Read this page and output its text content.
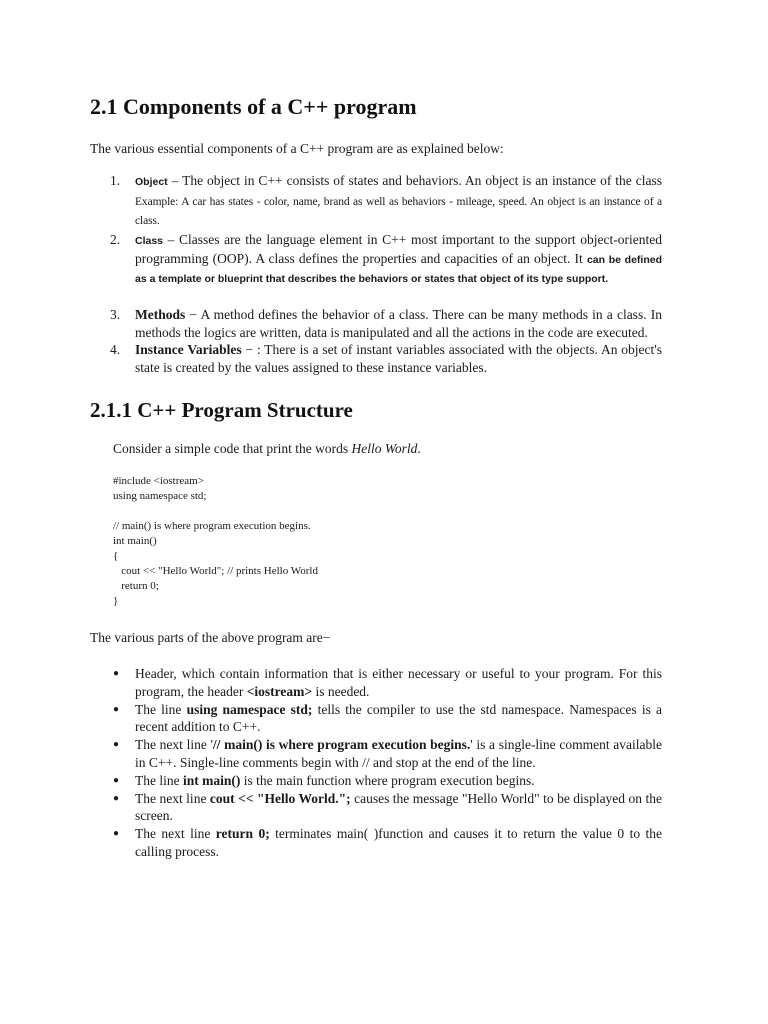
2.1 Components of a C++ program

The various essential components of a C++ program are as explained below:

1. Object – The object in C++ consists of states and behaviors. An object is an instance of the class Example: A car has states - color, name, brand as well as behaviors - mileage, speed. An object is an instance of a class.
2. Class – Classes are the language element in C++ most important to the support object-oriented programming (OOP). A class defines the properties and capacities of an object. It can be defined as a template or blueprint that describes the behaviors or states that object of its type support.
3. Methods − A method defines the behavior of a class. There can be many methods in a class. In methods the logics are written, data is manipulated and all the actions in the code are executed.
4. Instance Variables − : There is a set of instant variables associated with the objects. An object's state is created by the values assigned to these instance variables.
2.1.1 C++ Program Structure

Consider a simple code that print the words Hello World.

#include <iostream>
using namespace std;

// main() is where program execution begins.
int main()
{
cout << "Hello World"; // prints Hello World
return 0;
}

The various parts of the above program are−

● Header, which contain information that is either necessary or useful to your program. For this program, the header <iostream> is needed.
● The line using namespace std; tells the compiler to use the std namespace. Namespaces is a recent addition to C++.
● The next line '// main() is where program execution begins.' is a single-line comment available in C++. Single-line comments begin with // and stop at the end of the line.
● The line int main() is the main function where program execution begins.
● The next line cout << "Hello World."; causes the message "Hello World" to be displayed on the screen.
● The next line return 0; terminates main( )function and causes it to return the value 0 to the calling process.
